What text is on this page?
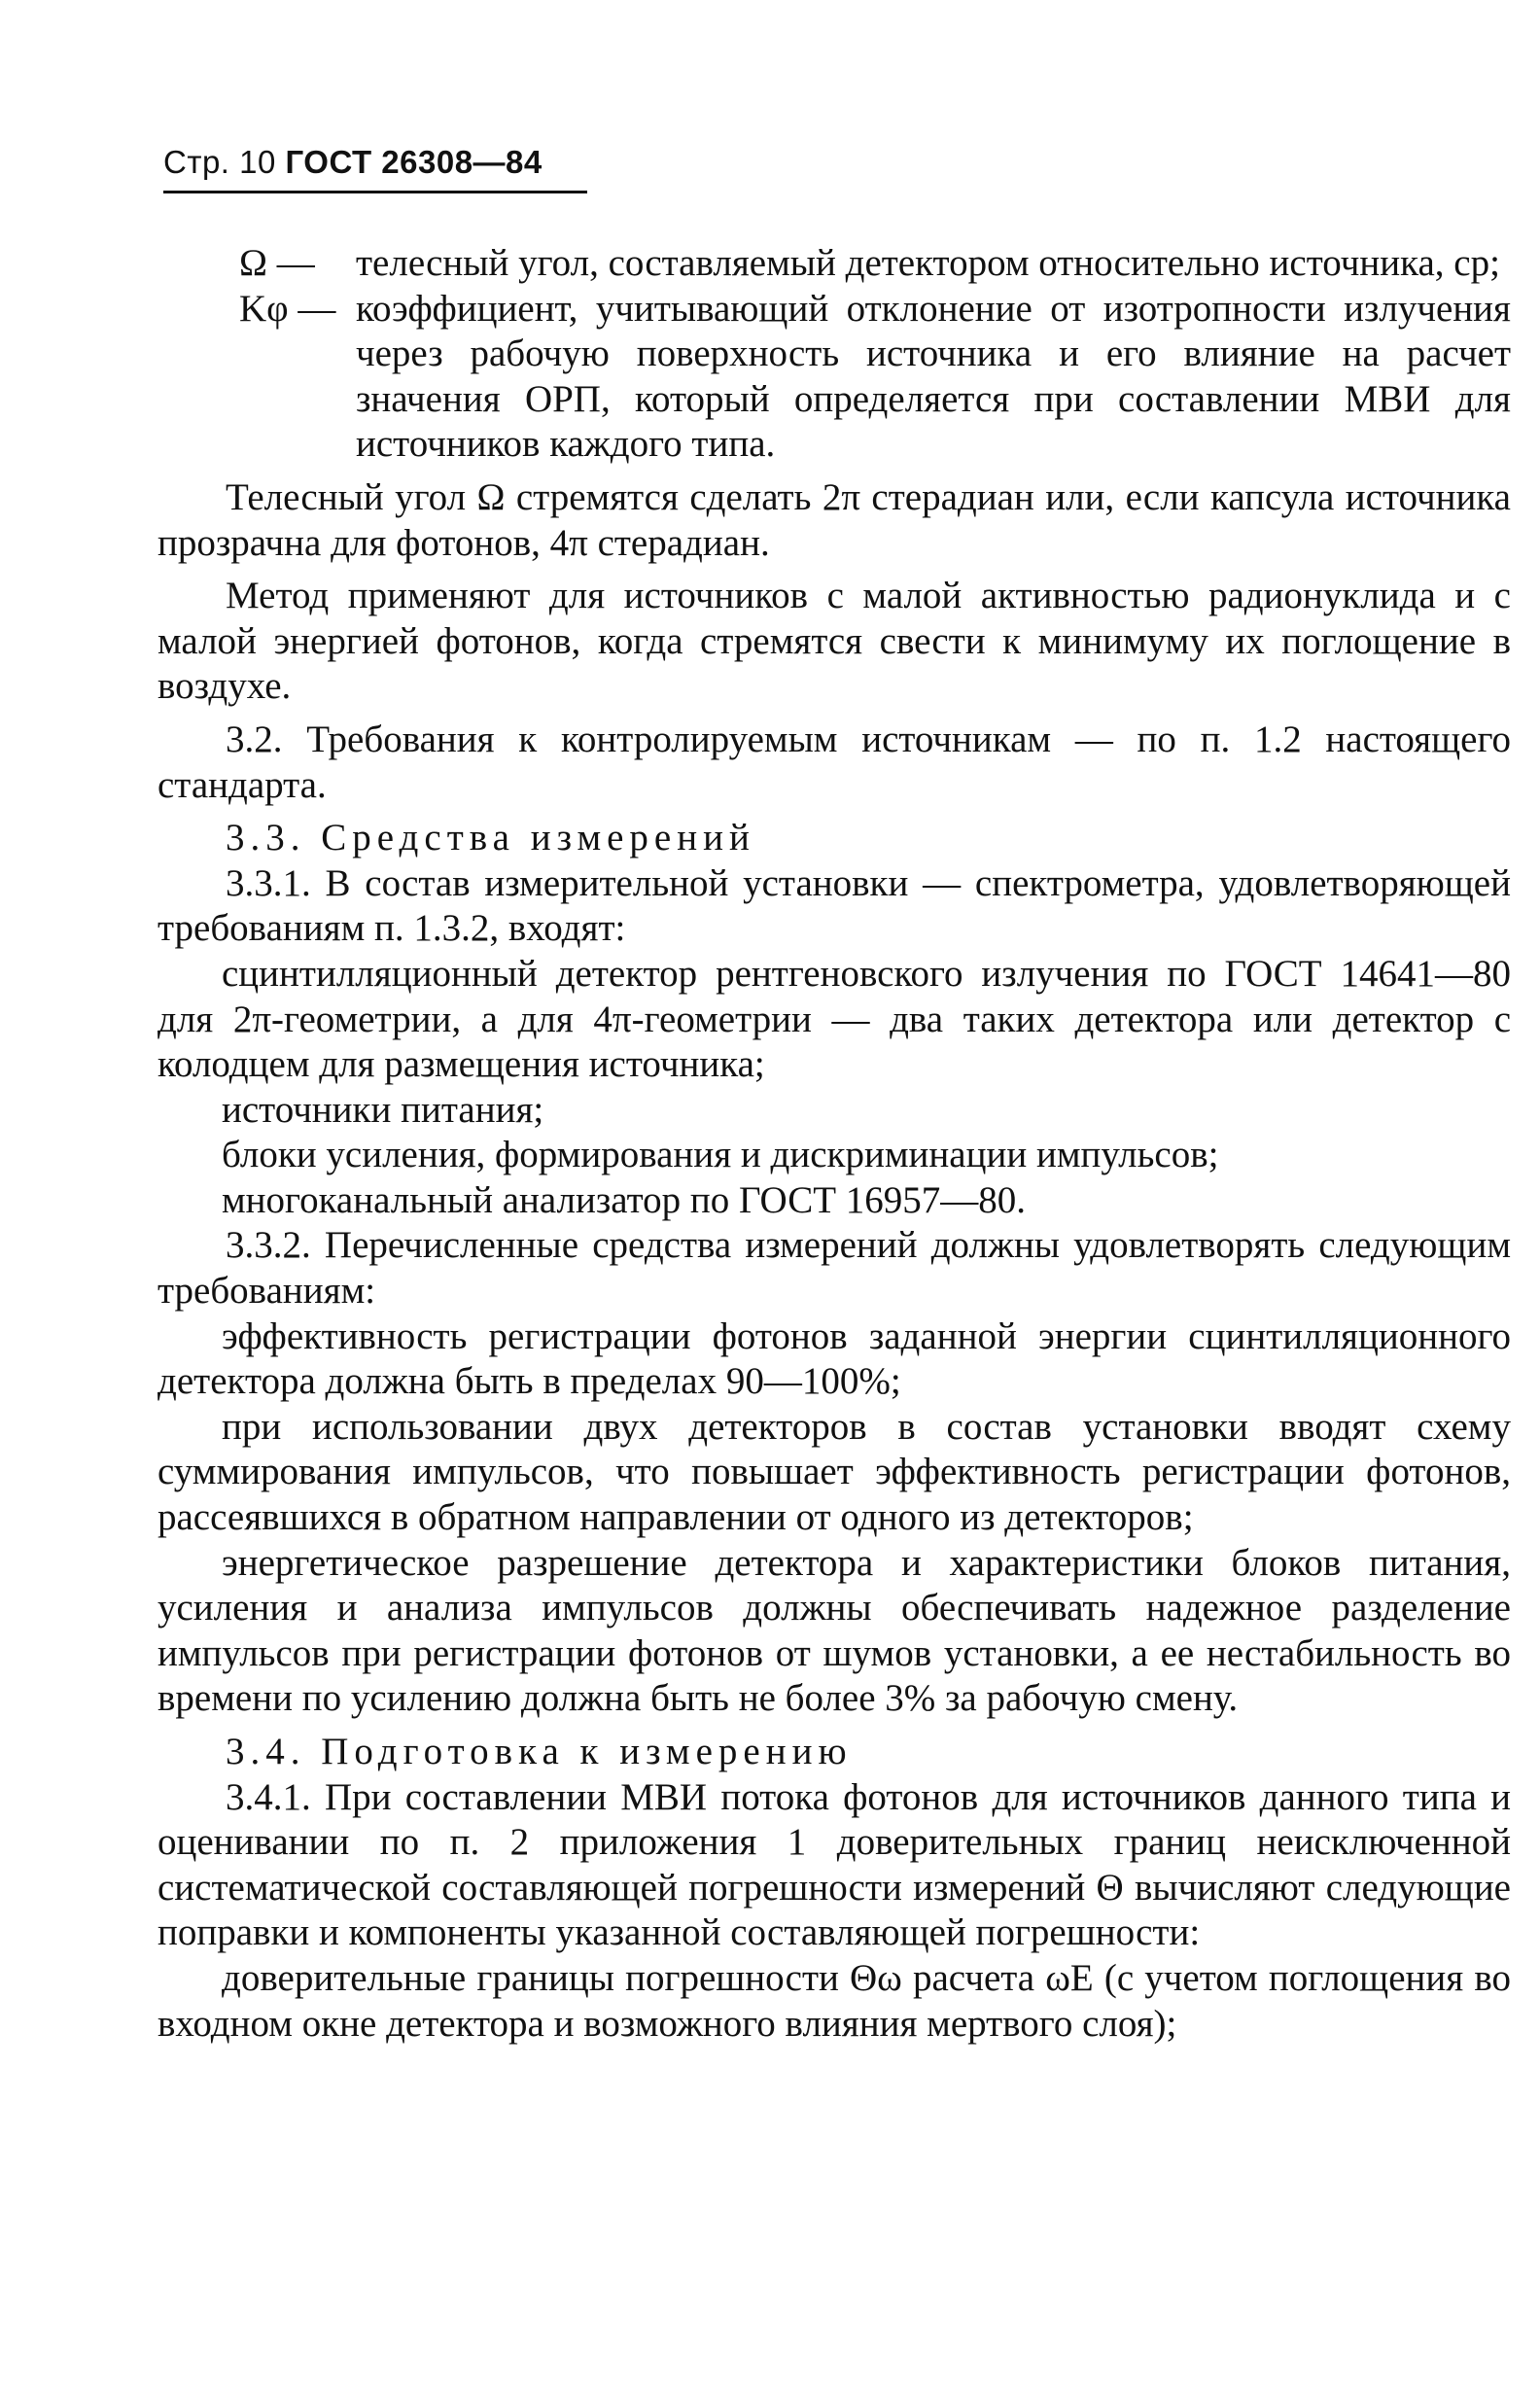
Стр. 10 ГОСТ 26308—84
Ω —	телесный угол, составляемый детектором относительно источника, ср;
Kφ — коэффициент, учитывающий отклонение от изотропности излучения через рабочую поверхность источника и его влияние на расчет значения ОРП, который определяется при составлении МВИ для источников каждого типа.

Телесный угол Ω стремятся сделать 2π стерадиан или, если капсула источника прозрачна для фотонов, 4π стерадиан.

Метод применяют для источников с малой активностью радионуклида и с малой энергией фотонов, когда стремятся свести к минимуму их поглощение в воздухе.

3.2. Требования к контролируемым источникам — по п. 1.2 настоящего стандарта.

3.3. Средства измерений

3.3.1. В состав измерительной установки — спектрометра, удовлетворяющей требованиям п. 1.3.2, входят:

сцинтилляционный детектор рентгеновского излучения по ГОСТ 14641—80 для 2π-геометрии, а для 4π-геометрии — два таких детектора или детектор с колодцем для размещения источника;

источники питания;

блоки усиления, формирования и дискриминации импульсов;

многоканальный анализатор по ГОСТ 16957—80.

3.3.2. Перечисленные средства измерений должны удовлетворять следующим требованиям:

эффективность регистрации фотонов заданной энергии сцинтилляционного детектора должна быть в пределах 90—100%;

при использовании двух детекторов в состав установки вводят схему суммирования импульсов, что повышает эффективность регистрации фотонов, рассеявшихся в обратном направлении от одного из детекторов;

энергетическое разрешение детектора и характеристики блоков питания, усиления и анализа импульсов должны обеспечивать надежное разделение импульсов при регистрации фотонов от шумов установки, а ее нестабильность во времени по усилению должна быть не более 3% за рабочую смену.

3.4. Подготовка к измерению

3.4.1. При составлении МВИ потока фотонов для источников данного типа и оценивании по п. 2 приложения 1 доверительных границ неисключенной систематической составляющей погрешности измерений Θ вычисляют следующие поправки и компоненты указанной составляющей погрешности:

доверительные границы погрешности Θω расчета ωE (с учетом поглощения во входном окне детектора и возможного влияния мертвого слоя);
